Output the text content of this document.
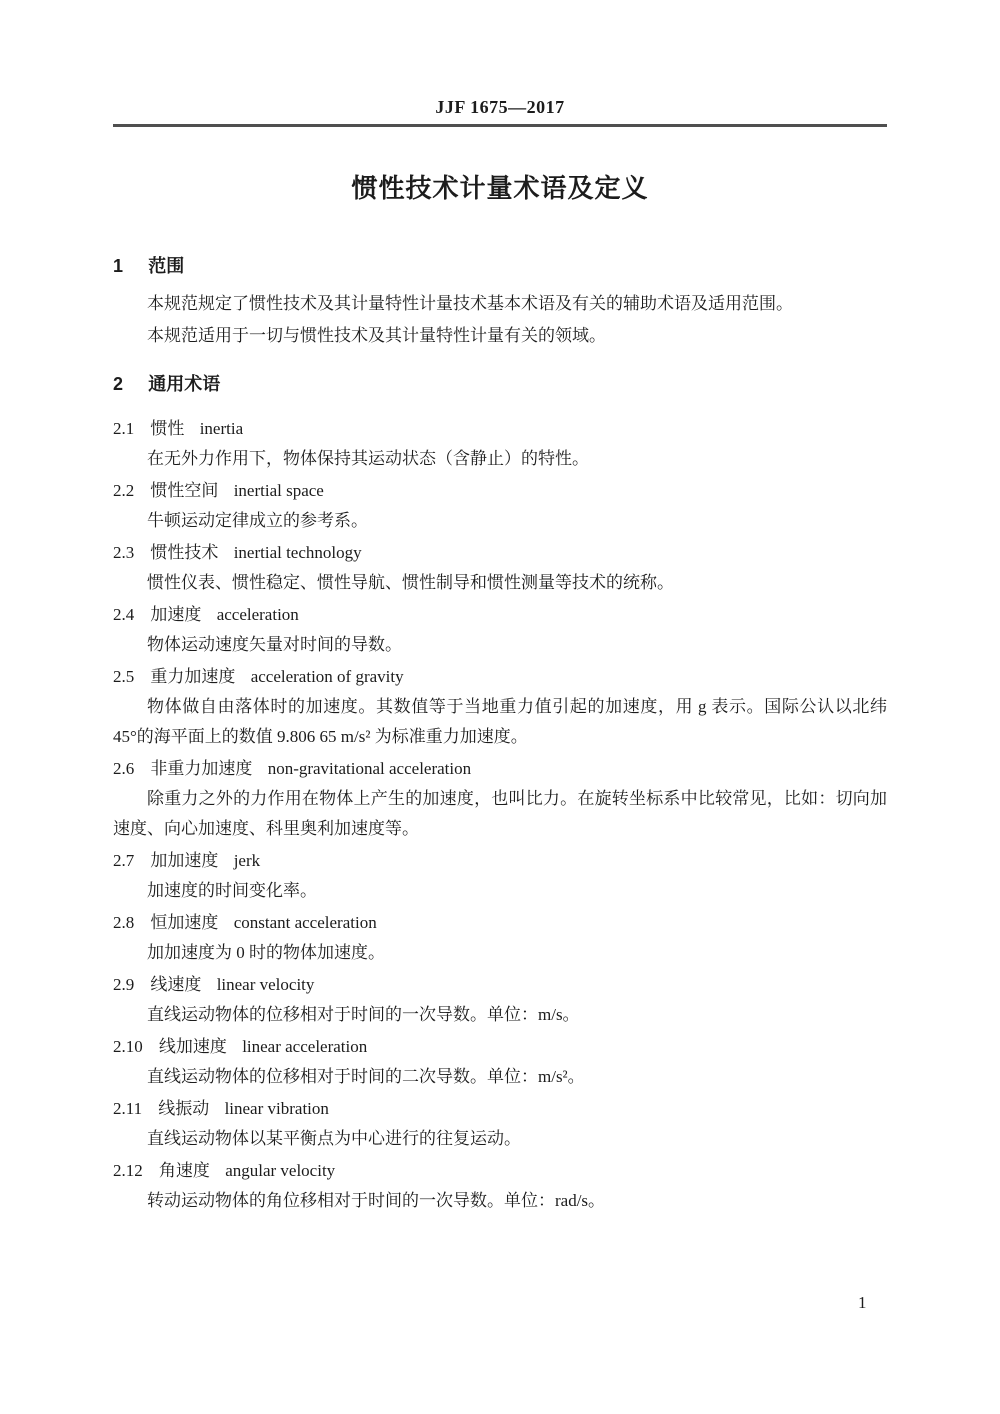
JJF 1675—2017
惯性技术计量术语及定义
1 范围

本规范规定了惯性技术及其计量特性计量技术基本术语及有关的辅助术语及适用范围。

本规范适用于一切与惯性技术及其计量特性计量有关的领域。

2 通用术语

2.1 惯性 inertia

在无外力作用下，物体保持其运动状态（含静止）的特性。

2.2 惯性空间 inertial space

牛顿运动定律成立的参考系。

2.3 惯性技术 inertial technology

惯性仪表、惯性稳定、惯性导航、惯性制导和惯性测量等技术的统称。

2.4 加速度 acceleration

物体运动速度矢量对时间的导数。

2.5 重力加速度 acceleration of gravity

物体做自由落体时的加速度。其数值等于当地重力值引起的加速度，用 g 表示。国际公认以北纬 45°的海平面上的数值 9.806 65 m/s² 为标准重力加速度。

2.6 非重力加速度 non-gravitational acceleration

除重力之外的力作用在物体上产生的加速度，也叫比力。在旋转坐标系中比较常见，比如：切向加速度、向心加速度、科里奥利加速度等。

2.7 加加速度 jerk

加速度的时间变化率。

2.8 恒加速度 constant acceleration

加加速度为 0 时的物体加速度。

2.9 线速度 linear velocity

直线运动物体的位移相对于时间的一次导数。单位：m/s。

2.10 线加速度 linear acceleration

直线运动物体的位移相对于时间的二次导数。单位：m/s²。

2.11 线振动 linear vibration

直线运动物体以某平衡点为中心进行的往复运动。

2.12 角速度 angular velocity

转动运动物体的角位移相对于时间的一次导数。单位：rad/s。

1
